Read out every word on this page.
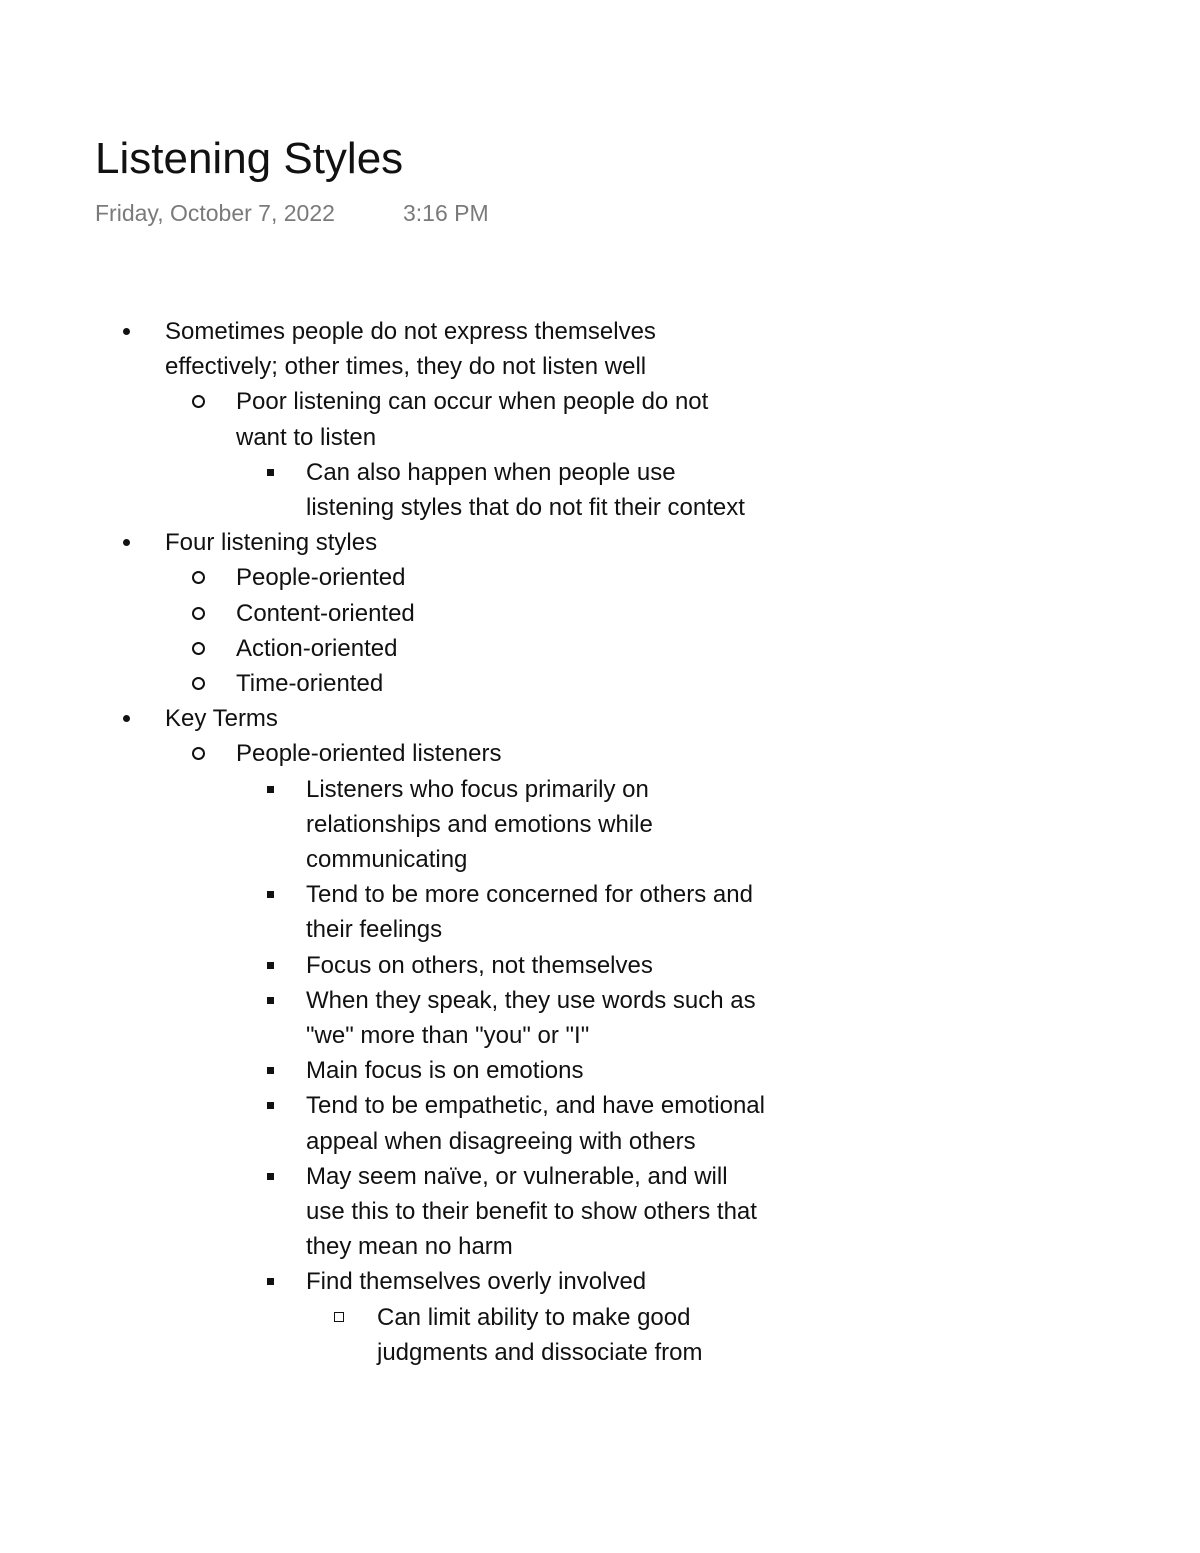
Listening Styles
Friday, October 7, 2022	3:16 PM
Sometimes people do not express themselves effectively; other times, they do not listen well
Poor listening can occur when people do not want to listen
Can also happen when people use listening styles that do not fit their context
Four listening styles
People-oriented
Content-oriented
Action-oriented
Time-oriented
Key Terms
People-oriented listeners
Listeners who focus primarily on relationships and emotions while communicating
Tend to be more concerned for others and their feelings
Focus on others, not themselves
When they speak, they use words such as "we" more than "you" or "I"
Main focus is on emotions
Tend to be empathetic, and have emotional appeal when disagreeing with others
May seem naïve, or vulnerable, and will use this to their benefit to show others that they mean no harm
Find themselves overly involved
Can limit ability to make good judgments and dissociate from
